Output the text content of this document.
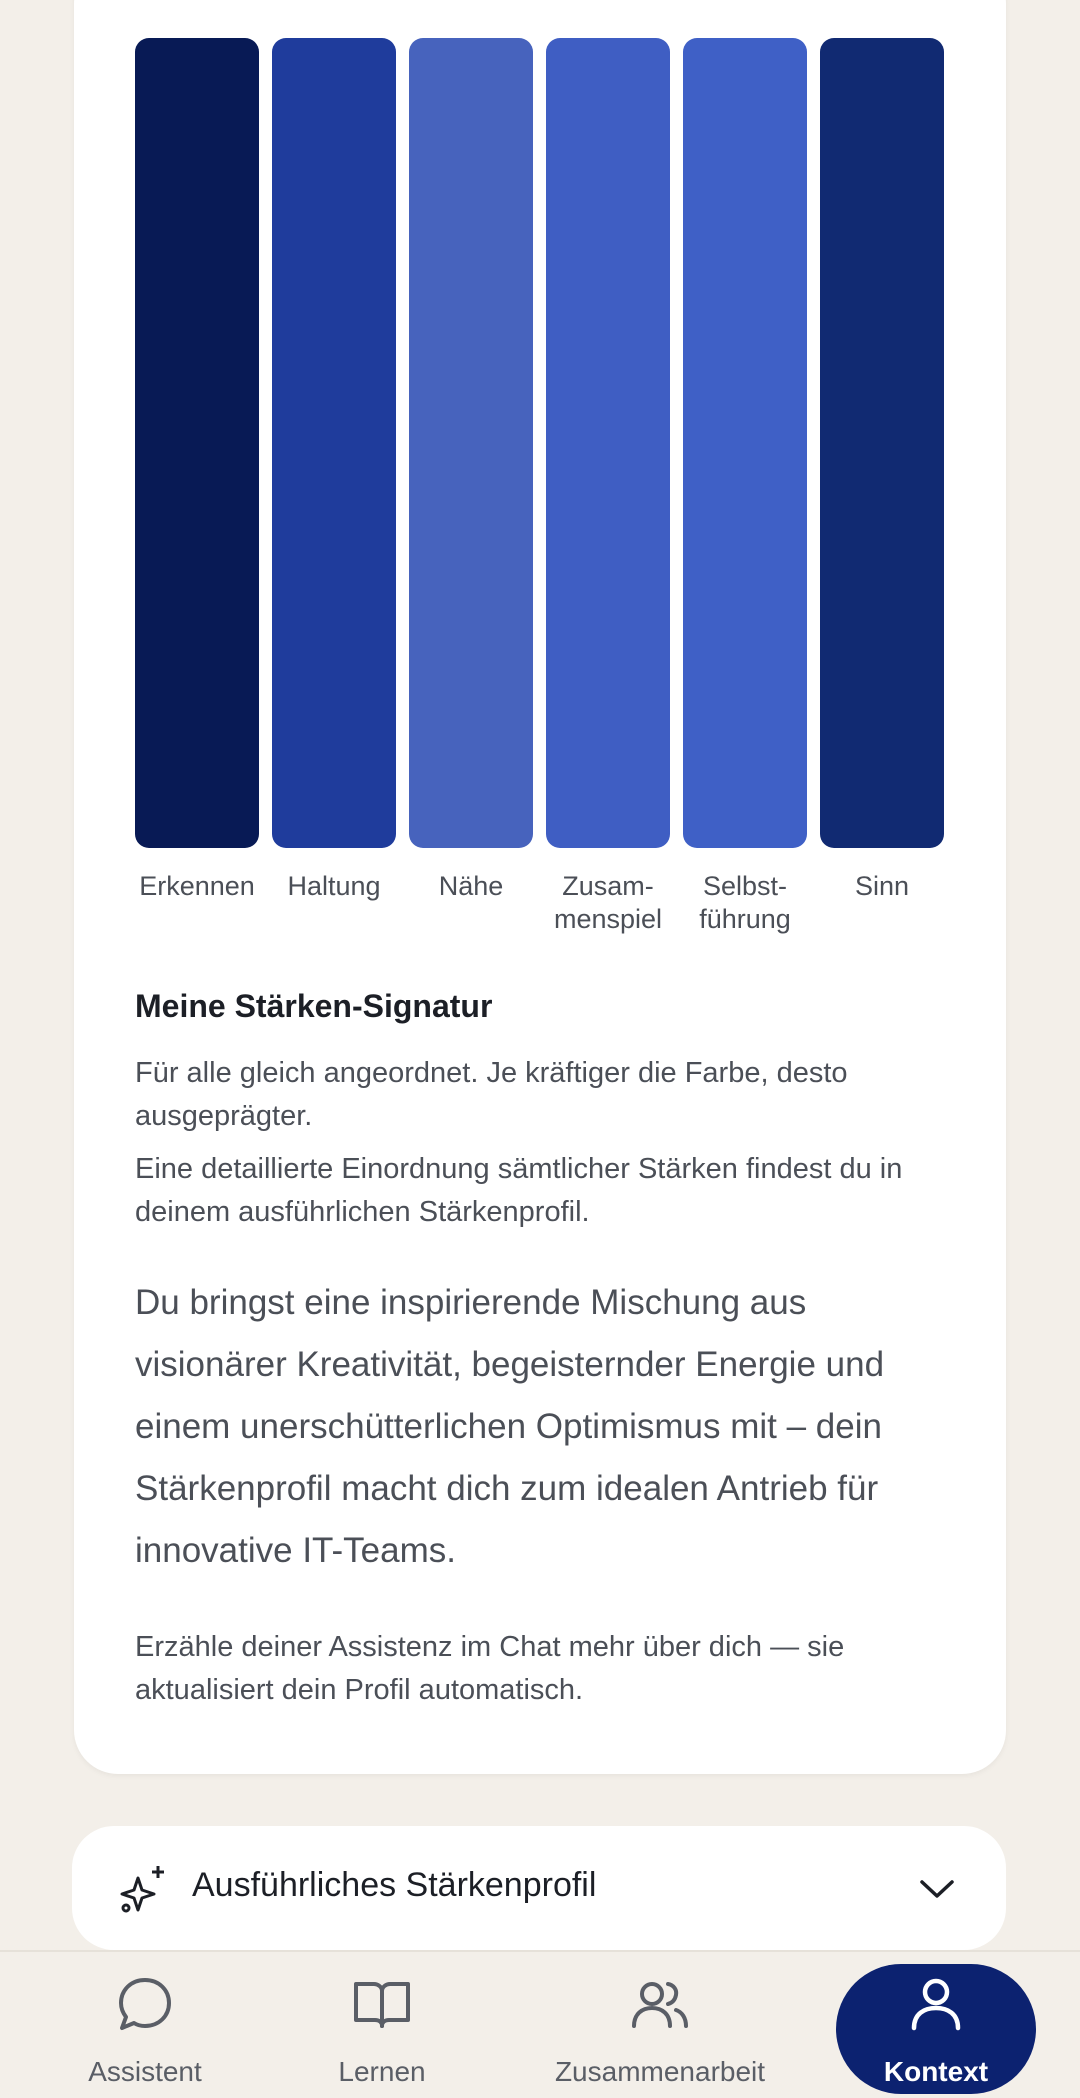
Erkennen	Haltung	Nähe	Zusam-
menspiel
Selbst-
führung
Sinn
Meine Stärken-Signatur
Für alle gleich angeordnet. Je kräftiger die Farbe, desto ausgeprägter.
Eine detaillierte Einordnung sämtlicher Stärken findest du in deinem ausführlichen Stärkenprofil.
Du bringst eine inspirierende Mischung aus visionärer Kreativität, begeisternder Energie und einem unerschütterlichen Optimismus mit – dein Stärkenprofil macht dich zum idealen Antrieb für innovative IT-Teams.
Erzähle deiner Assistenz im Chat mehr über dich — sie aktualisiert dein Profil automatisch.
Ausführliches Stärkenprofil
Assistent	Lernen	Zusammenarbeit	Kontext
